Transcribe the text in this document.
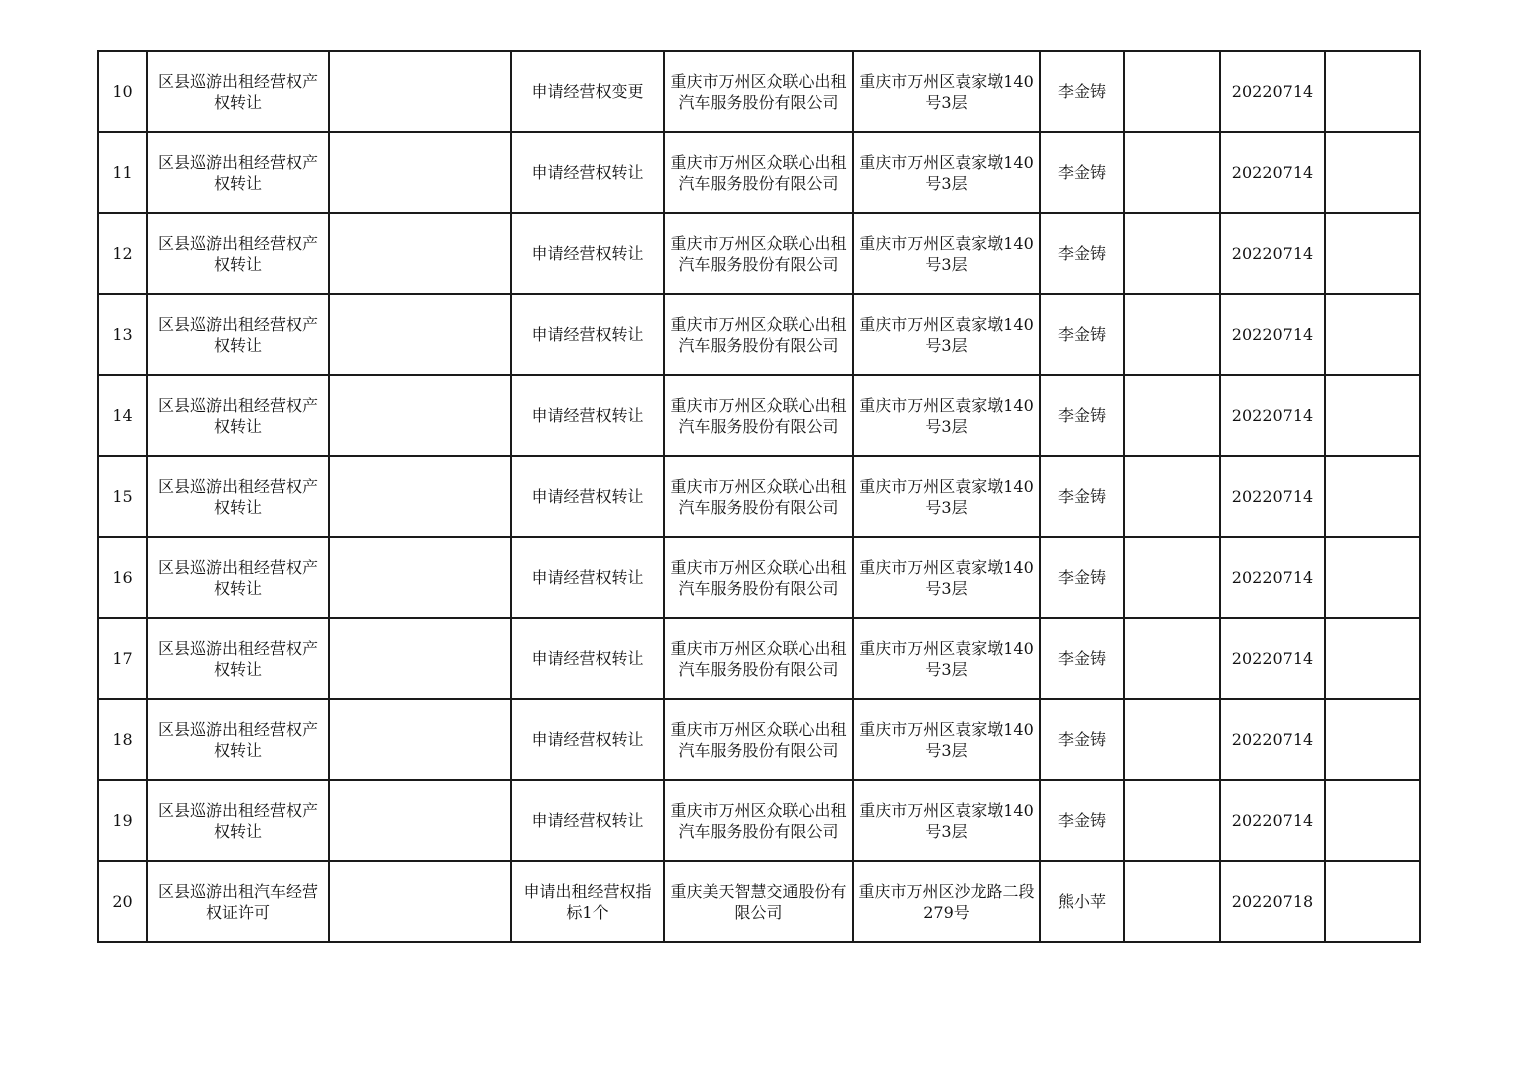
10	区县巡游出租经营权产权转让		申请经营权变更	重庆市万州区众联心出租汽车服务股份有限公司	重庆市万州区袁家墩140号3层	李金铸		20220714	
11	区县巡游出租经营权产权转让		申请经营权转让	重庆市万州区众联心出租汽车服务股份有限公司	重庆市万州区袁家墩140号3层	李金铸		20220714	
12	区县巡游出租经营权产权转让		申请经营权转让	重庆市万州区众联心出租汽车服务股份有限公司	重庆市万州区袁家墩140号3层	李金铸		20220714	
13	区县巡游出租经营权产权转让		申请经营权转让	重庆市万州区众联心出租汽车服务股份有限公司	重庆市万州区袁家墩140号3层	李金铸		20220714	
14	区县巡游出租经营权产权转让		申请经营权转让	重庆市万州区众联心出租汽车服务股份有限公司	重庆市万州区袁家墩140号3层	李金铸		20220714	
15	区县巡游出租经营权产权转让		申请经营权转让	重庆市万州区众联心出租汽车服务股份有限公司	重庆市万州区袁家墩140号3层	李金铸		20220714	
16	区县巡游出租经营权产权转让		申请经营权转让	重庆市万州区众联心出租汽车服务股份有限公司	重庆市万州区袁家墩140号3层	李金铸		20220714	
17	区县巡游出租经营权产权转让		申请经营权转让	重庆市万州区众联心出租汽车服务股份有限公司	重庆市万州区袁家墩140号3层	李金铸		20220714	
18	区县巡游出租经营权产权转让		申请经营权转让	重庆市万州区众联心出租汽车服务股份有限公司	重庆市万州区袁家墩140号3层	李金铸		20220714	
19	区县巡游出租经营权产权转让		申请经营权转让	重庆市万州区众联心出租汽车服务股份有限公司	重庆市万州区袁家墩140号3层	李金铸		20220714	
20	区县巡游出租汽车经营权证许可		申请出租经营权指标1个	重庆美天智慧交通股份有限公司	重庆市万州区沙龙路二段279号	熊小苹		20220718	
